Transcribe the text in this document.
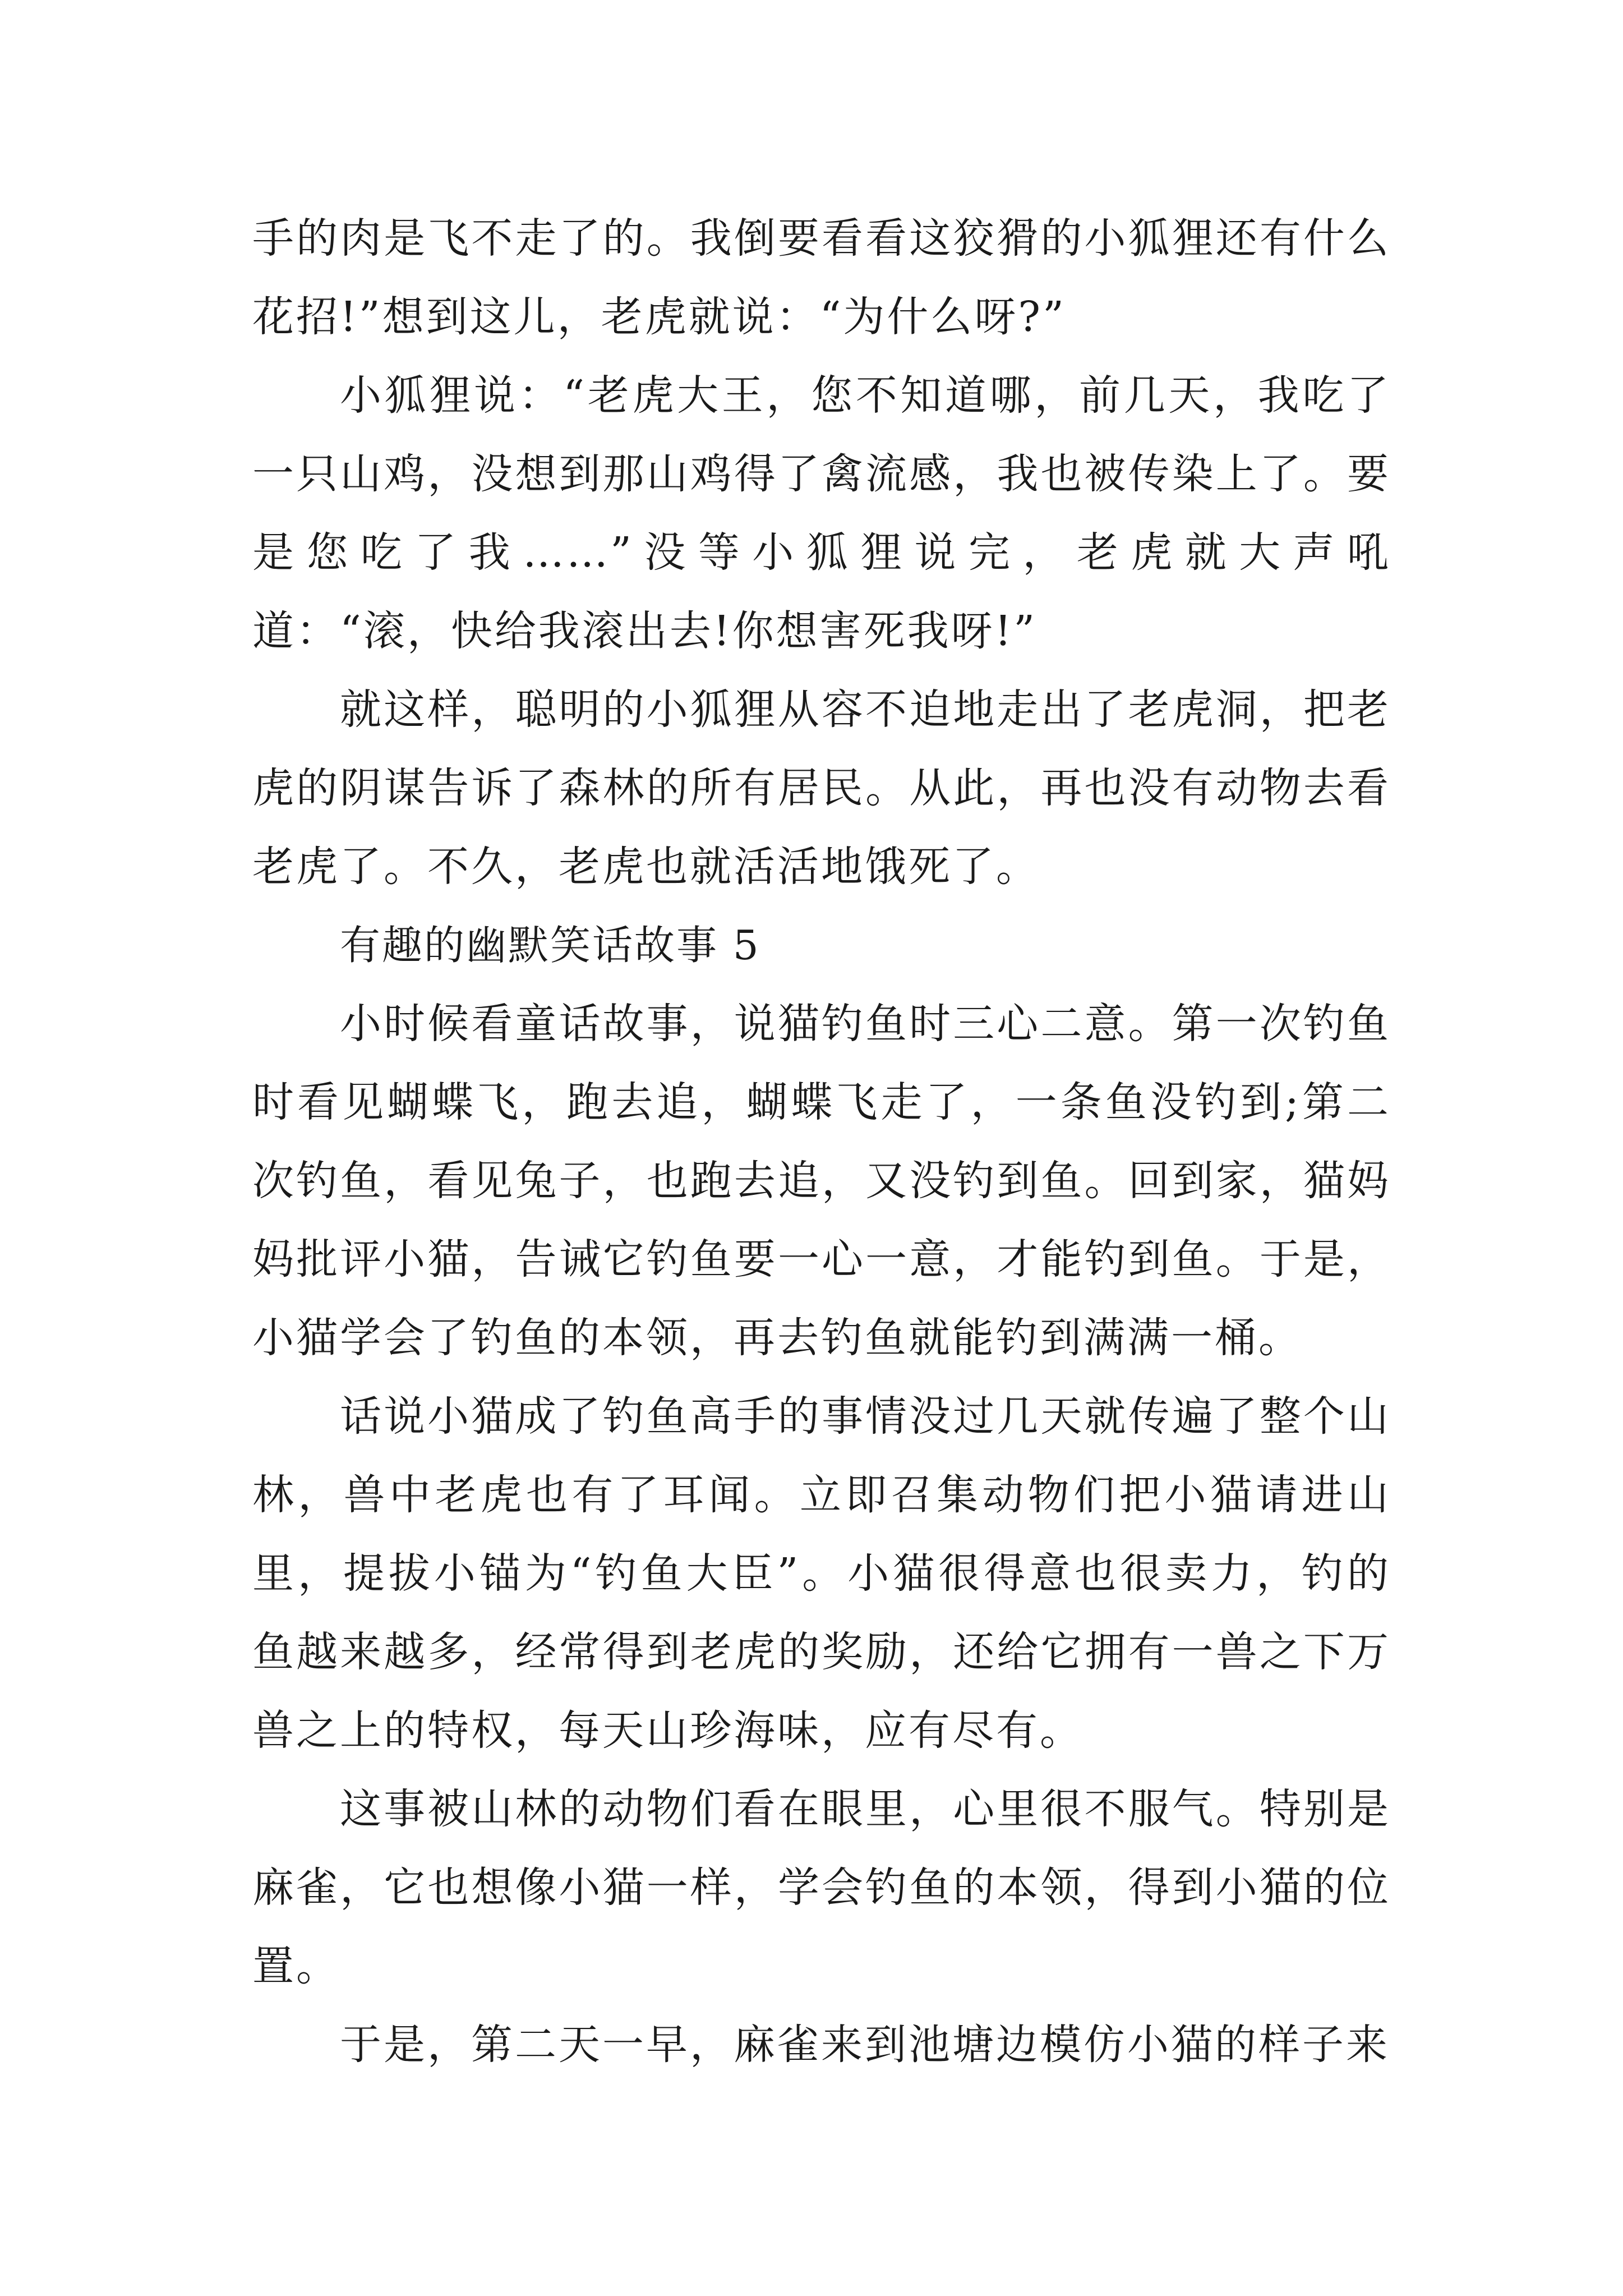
手的肉是飞不走了的。我倒要看看这狡猾的小狐狸还有什么花招!”想到这儿，老虎就说：“为什么呀?”

小狐狸说：“老虎大王，您不知道哪，前几天，我吃了一只山鸡，没想到那山鸡得了禽流感，我也被传染上了。要是您吃了我……”没等小狐狸说完，老虎就大声吼道：“滚，快给我滚出去!你想害死我呀!”

就这样，聪明的小狐狸从容不迫地走出了老虎洞，把老虎的阴谋告诉了森林的所有居民。从此，再也没有动物去看老虎了。不久，老虎也就活活地饿死了。

有趣的幽默笑话故事 5

小时候看童话故事，说猫钓鱼时三心二意。第一次钓鱼时看见蝴蝶飞，跑去追，蝴蝶飞走了，一条鱼没钓到;第二次钓鱼，看见兔子，也跑去追，又没钓到鱼。回到家，猫妈妈批评小猫，告诫它钓鱼要一心一意，才能钓到鱼。于是，小猫学会了钓鱼的本领，再去钓鱼就能钓到满满一桶。

话说小猫成了钓鱼高手的事情没过几天就传遍了整个山林，兽中老虎也有了耳闻。立即召集动物们把小猫请进山里，提拔小锚为“钓鱼大臣”。小猫很得意也很卖力，钓的鱼越来越多，经常得到老虎的奖励，还给它拥有一兽之下万兽之上的特权，每天山珍海味，应有尽有。

这事被山林的动物们看在眼里，心里很不服气。特别是麻雀，它也想像小猫一样，学会钓鱼的本领，得到小猫的位置。

于是，第二天一早，麻雀来到池塘边模仿小猫的样子来
